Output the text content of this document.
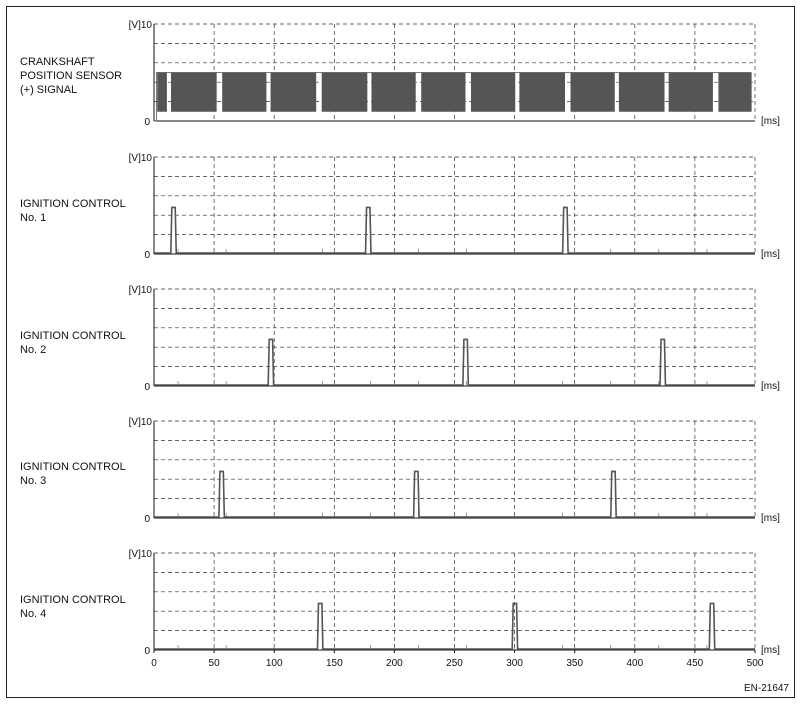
CRANKSHAFT
POSITION SENSOR
(+) SIGNAL
IGNITION CONTROL
No. 1
IGNITION CONTROL
No. 2
IGNITION CONTROL
No. 3
IGNITION CONTROL
No. 4
[V]10
0	[ms]
[V]10
0	[ms]
[V]10
0	[ms]
[V]10
0	[ms]
[V]10
0	[ms]
0	50	100	150	200	250	300	350	400	450	500
EN-21647
